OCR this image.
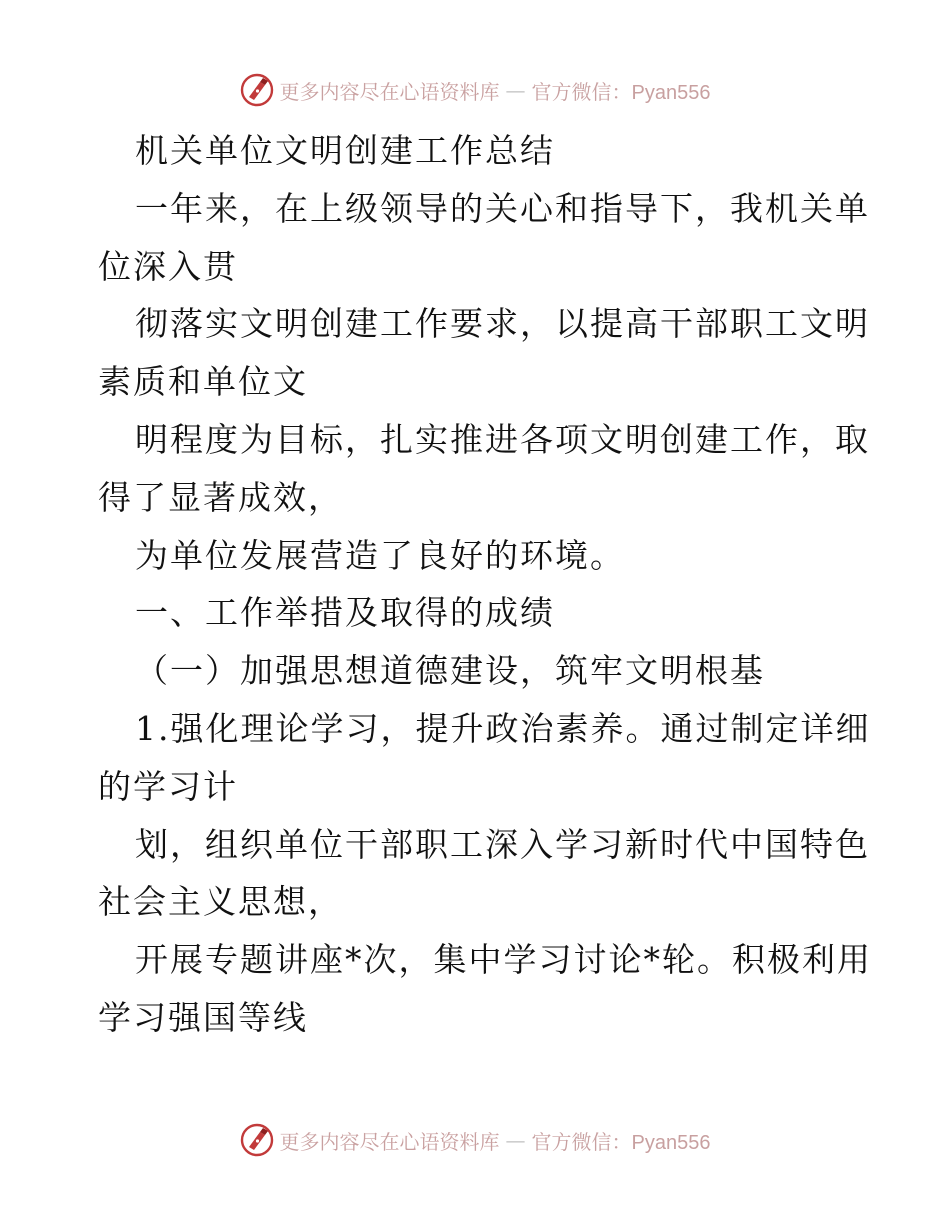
更多内容尽在心语资料库 — 官方微信：Pyan556
机关单位文明创建工作总结
一年来，在上级领导的关心和指导下，我机关单
位深入贯
彻落实文明创建工作要求，以提高干部职工文明
素质和单位文
明程度为目标，扎实推进各项文明创建工作，取
得了显著成效，
为单位发展营造了良好的环境。
一、工作举措及取得的成绩
（一）加强思想道德建设，筑牢文明根基
1.强化理论学习，提升政治素养。通过制定详细
的学习计
划，组织单位干部职工深入学习新时代中国特色
社会主义思想，
开展专题讲座*次，集中学习讨论*轮。积极利用
学习强国等线
更多内容尽在心语资料库 — 官方微信：Pyan556
